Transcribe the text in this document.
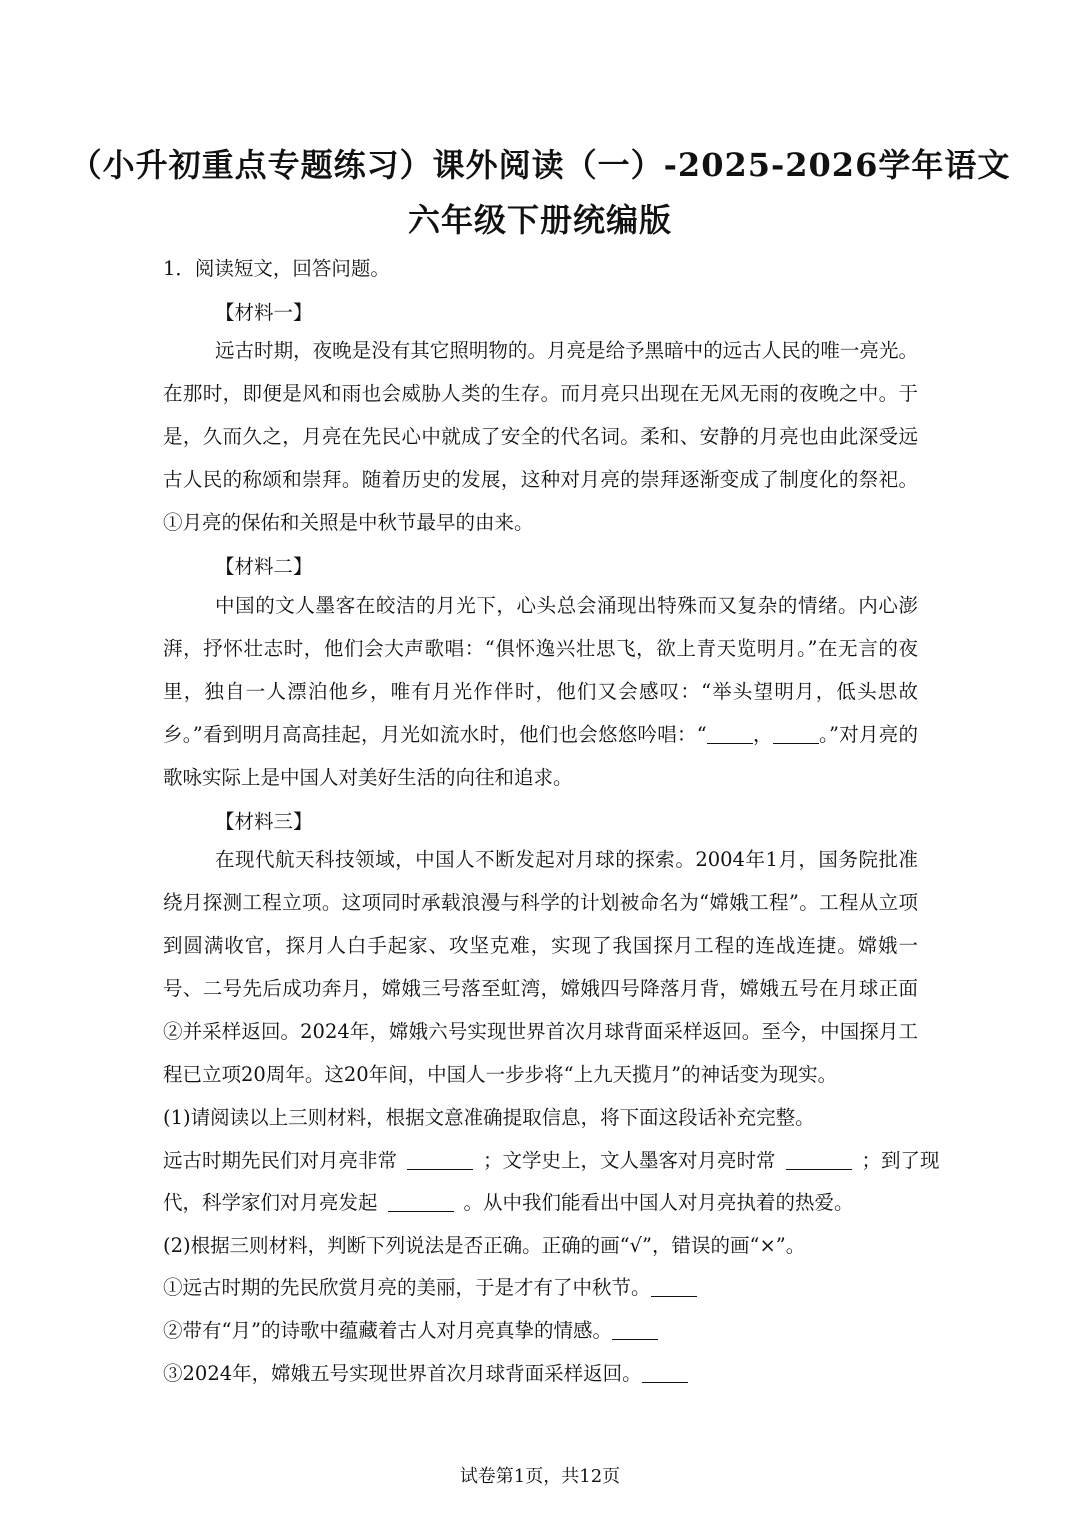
（小升初重点专题练习）课外阅读（一）-2025-2026学年语文
六年级下册统编版
1．阅读短文，回答问题。
【材料一】

远古时期，夜晚是没有其它照明物的。月亮是给予黑暗中的远古人民的唯一亮光。在那时，即便是风和雨也会威胁人类的生存。而月亮只出现在无风无雨的夜晚之中。于是，久而久之，月亮在先民心中就成了安全的代名词。柔和、安静的月亮也由此深受远古人民的称颂和崇拜。随着历史的发展，这种对月亮的崇拜逐渐变成了制度化的祭祀。①月亮的保佑和关照是中秋节最早的由来。

【材料二】

中国的文人墨客在皎洁的月光下，心头总会涌现出特殊而又复杂的情绪。内心澎湃，抒怀壮志时，他们会大声歌唱：“俱怀逸兴壮思飞，欲上青天览明月。”在无言的夜里，独自一人漂泊他乡，唯有月光作伴时，他们又会感叹：“举头望明月，低头思故乡。”看到明月高高挂起，月光如流水时，他们也会悠悠吟唱：“ ， 。”对月亮的歌咏实际上是中国人对美好生活的向往和追求。

【材料三】

在现代航天科技领域，中国人不断发起对月球的探索。2004年1月，国务院批准绕月探测工程立项。这项同时承载浪漫与科学的计划被命名为“嫦娥工程”。工程从立项到圆满收官，探月人白手起家、攻坚克难，实现了我国探月工程的连战连捷。嫦娥一号、二号先后成功奔月，嫦娥三号落至虹湾，嫦娥四号降落月背，嫦娥五号在月球正面②并采样返回。2024年，嫦娥六号实现世界首次月球背面采样返回。至今，中国探月工程已立项20周年。这20年间，中国人一步步将“上九天揽月”的神话变为现实。

(1)请阅读以上三则材料，根据文意准确提取信息，将下面这段话补充完整。
远古时期先民们对月亮非常	；文学史上，文人墨客对月亮时常	；到了现
代，科学家们对月亮发起	。从中我们能看出中国人对月亮执着的热爱。
(2)根据三则材料，判断下列说法是否正确。正确的画“√”，错误的画“×”。
①远古时期的先民欣赏月亮的美丽，于是才有了中秋节。
②带有“月”的诗歌中蕴藏着古人对月亮真挚的情感。
③2024年，嫦娥五号实现世界首次月球背面采样返回。
试卷第1页，共12页
